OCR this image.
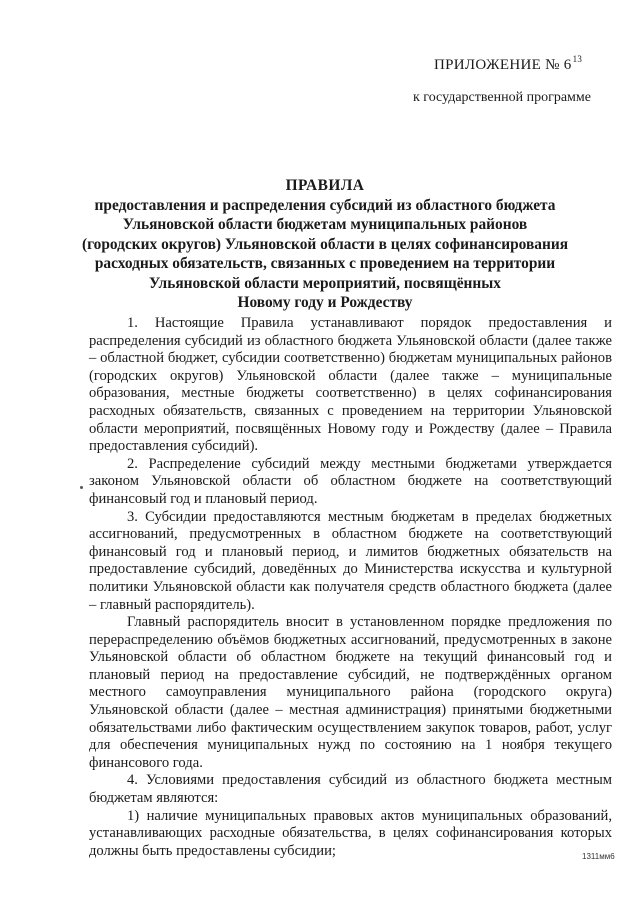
ПРИЛОЖЕНИЕ № $6^{13}$
к государственной программе
ПРАВИЛА
предоставления и распределения субсидий из областного бюджета
Ульяновской области бюджетам муниципальных районов
(городских округов) Ульяновской области в целях софинансирования
расходных обязательств, связанных с проведением на территории
Ульяновской области мероприятий, посвящённых
Новому году и Рождеству

1. Настоящие Правила устанавливают порядок предоставления и распределения субсидий из областного бюджета Ульяновской области (далее также – областной бюджет, субсидии соответственно) бюджетам муниципальных районов (городских округов) Ульяновской области (далее также – муниципальные образования, местные бюджеты соответственно) в целях софинансирования расходных обязательств, связанных с проведением на территории Ульяновской области мероприятий, посвящённых Новому году и Рождеству (далее – Правила предоставления субсидий).

2. Распределение субсидий между местными бюджетами утверждается законом Ульяновской области об областном бюджете на соответствующий финансовый год и плановый период.

3. Субсидии предоставляются местным бюджетам в пределах бюджетных ассигнований, предусмотренных в областном бюджете на соответствующий финансовый год и плановый период, и лимитов бюджетных обязательств на предоставление субсидий, доведённых до Министерства искусства и культурной политики Ульяновской области как получателя средств областного бюджета (далее – главный распорядитель).

Главный распорядитель вносит в установленном порядке предложения по перераспределению объёмов бюджетных ассигнований, предусмотренных в законе Ульяновской области об областном бюджете на текущий финансовый год и плановый период на предоставление субсидий, не подтверждённых органом местного самоуправления муниципального района (городского округа) Ульяновской области (далее – местная администрация) принятыми бюджетными обязательствами либо фактическим осуществлением закупок товаров, работ, услуг для обеспечения муниципальных нужд по состоянию на 1 ноября текущего финансового года.

4. Условиями предоставления субсидий из областного бюджета местным бюджетам являются:

1) наличие муниципальных правовых актов муниципальных образований, устанавливающих расходные обязательства, в целях софинансирования которых должны быть предоставлены субсидии;	1311мм6
